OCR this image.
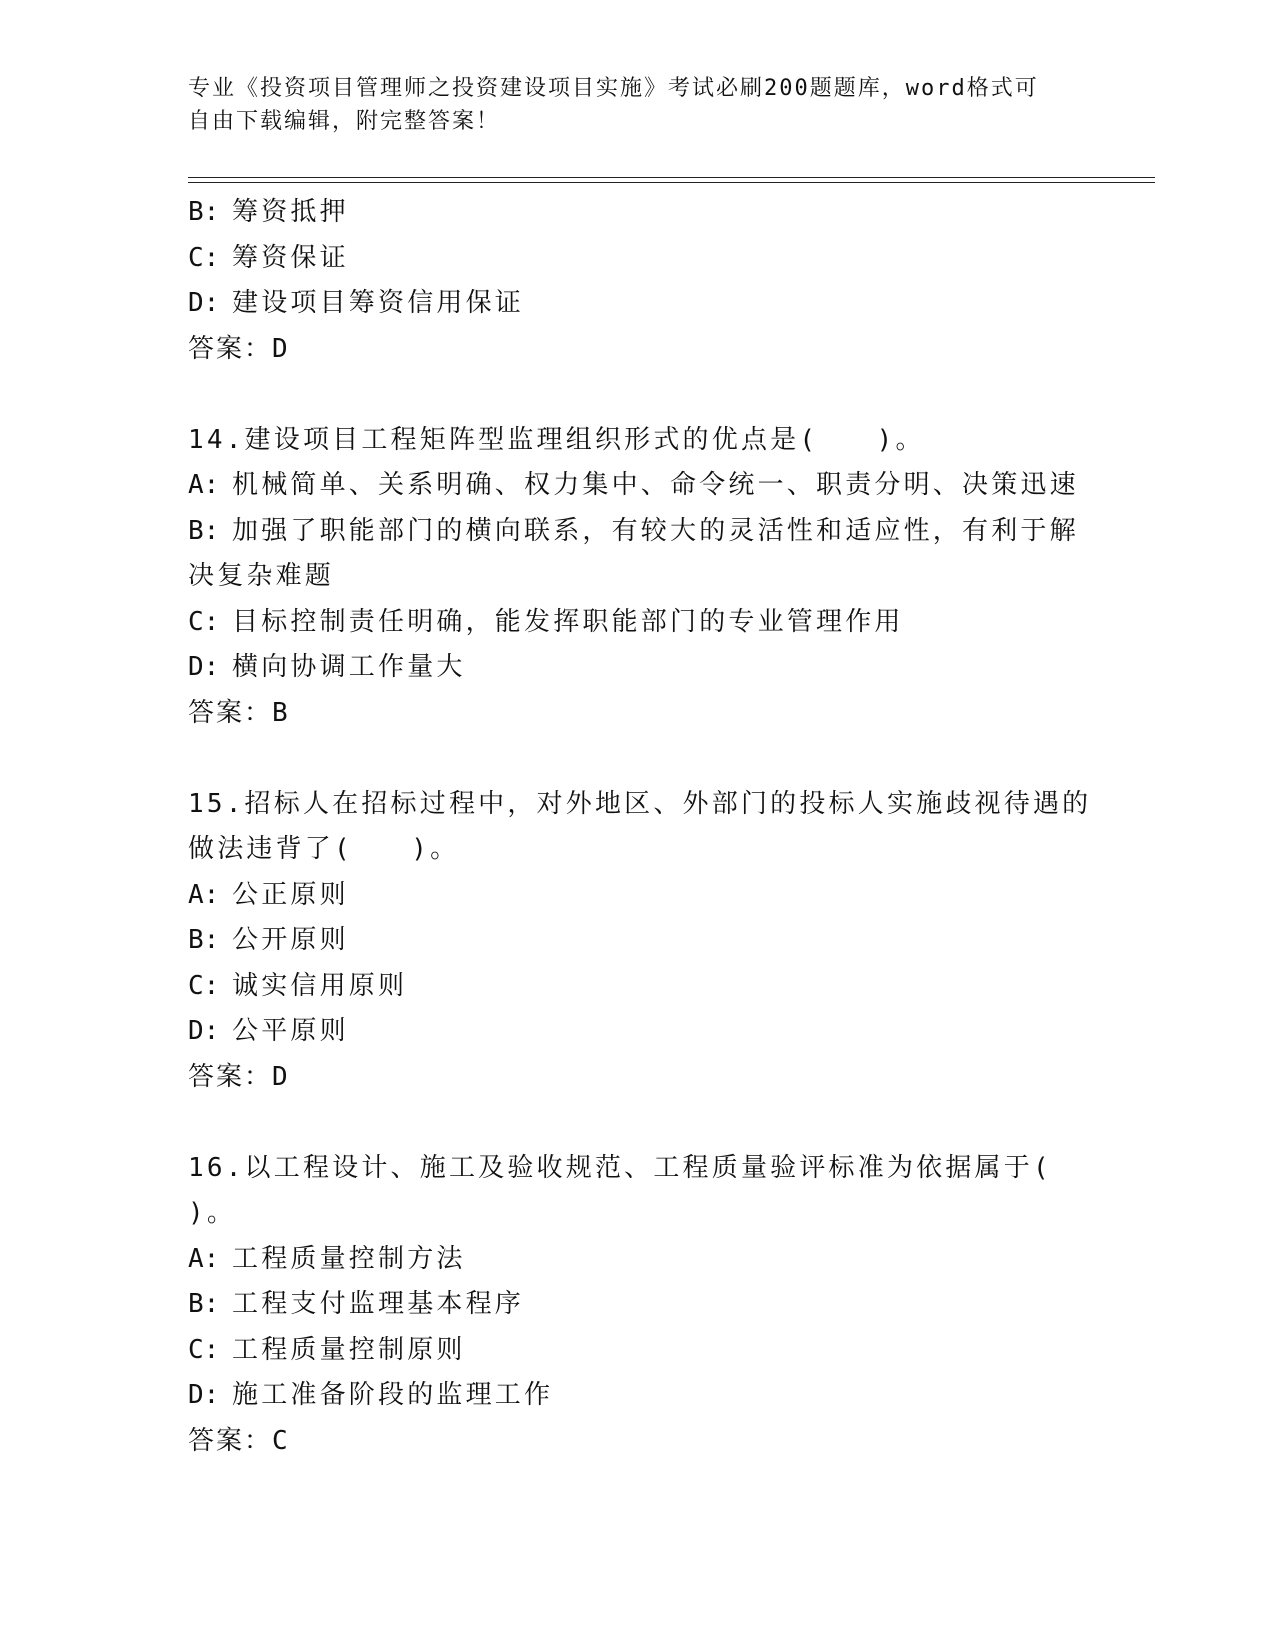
专业《投资项目管理师之投资建设项目实施》考试必刷200题题库，word格式可
自由下载编辑，附完整答案！
B: 筹资抵押
C: 筹资保证
D: 建设项目筹资信用保证
答案：D
14.建设项目工程矩阵型监理组织形式的优点是(　　)。
A: 机械简单、关系明确、权力集中、命令统一、职责分明、决策迅速
B: 加强了职能部门的横向联系，有较大的灵活性和适应性，有利于解
决复杂难题
C: 目标控制责任明确，能发挥职能部门的专业管理作用
D: 横向协调工作量大
答案：B
15.招标人在招标过程中，对外地区、外部门的投标人实施歧视待遇的
做法违背了(　　)。
A: 公正原则
B: 公开原则
C: 诚实信用原则
D: 公平原则
答案：D
16.以工程设计、施工及验收规范、工程质量验评标准为依据属于(
)。
A: 工程质量控制方法
B: 工程支付监理基本程序
C: 工程质量控制原则
D: 施工准备阶段的监理工作
答案：C
